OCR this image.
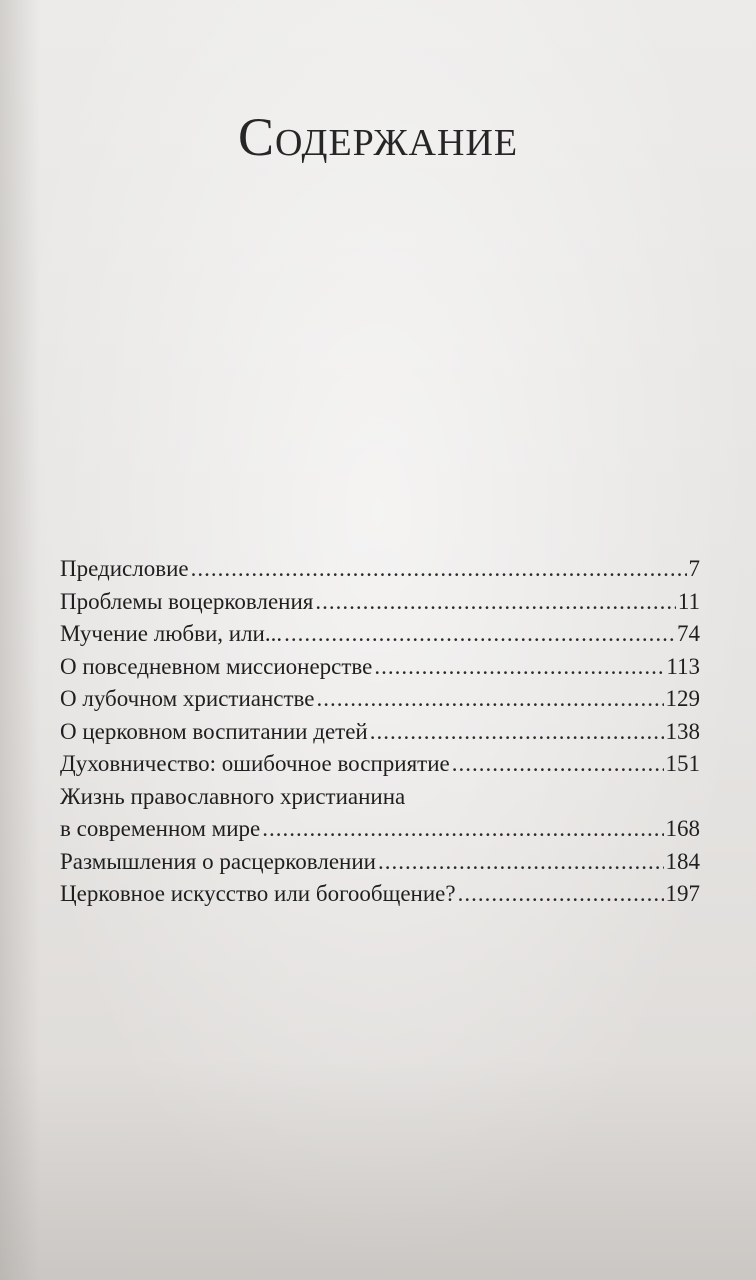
Содержание
Предисловие .....	7
Проблемы воцерковления .....	11
Мучение любви, или... .....	74
О повседневном миссионерстве .....	113
О лубочном христианстве .....	129
О церковном воспитании детей .....	138
Духовничество: ошибочное восприятие .....	151
Жизнь православного христианина
в современном мире .....	168
Размышления о расцерковлении .....	184
Церковное искусство или богообщение? .....	197
